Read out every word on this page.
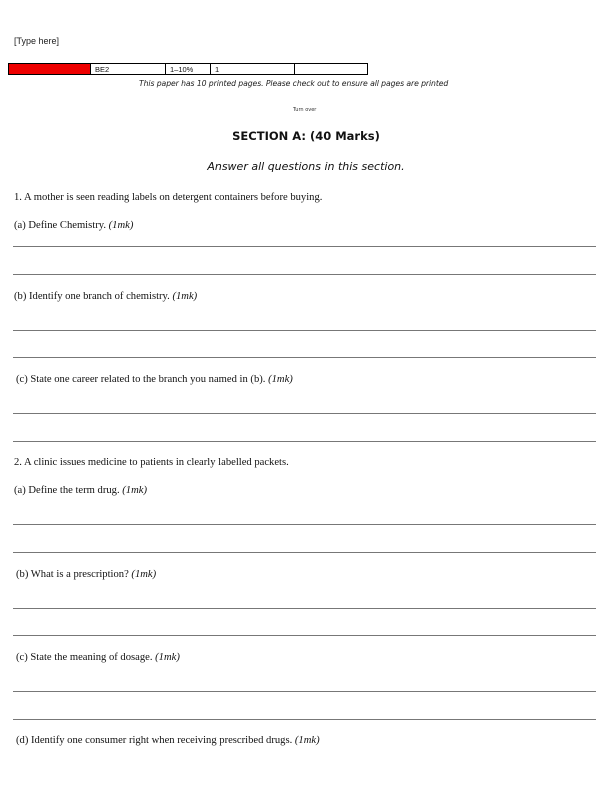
[Type here]
BE2	1–10%	1
This paper has 10 printed pages. Please check out to ensure all pages are printed
Turn over
SECTION A: (40 Marks)
Answer all questions in this section.
1. A mother is seen reading labels on detergent containers before buying.
(a) Define Chemistry. (1mk)
(b) Identify one branch of chemistry. (1mk)
(c) State one career related to the branch you named in (b). (1mk)
2. A clinic issues medicine to patients in clearly labelled packets.
(a) Define the term drug. (1mk)
(b) What is a prescription? (1mk)
(c) State the meaning of dosage. (1mk)
(d) Identify one consumer right when receiving prescribed drugs. (1mk)
